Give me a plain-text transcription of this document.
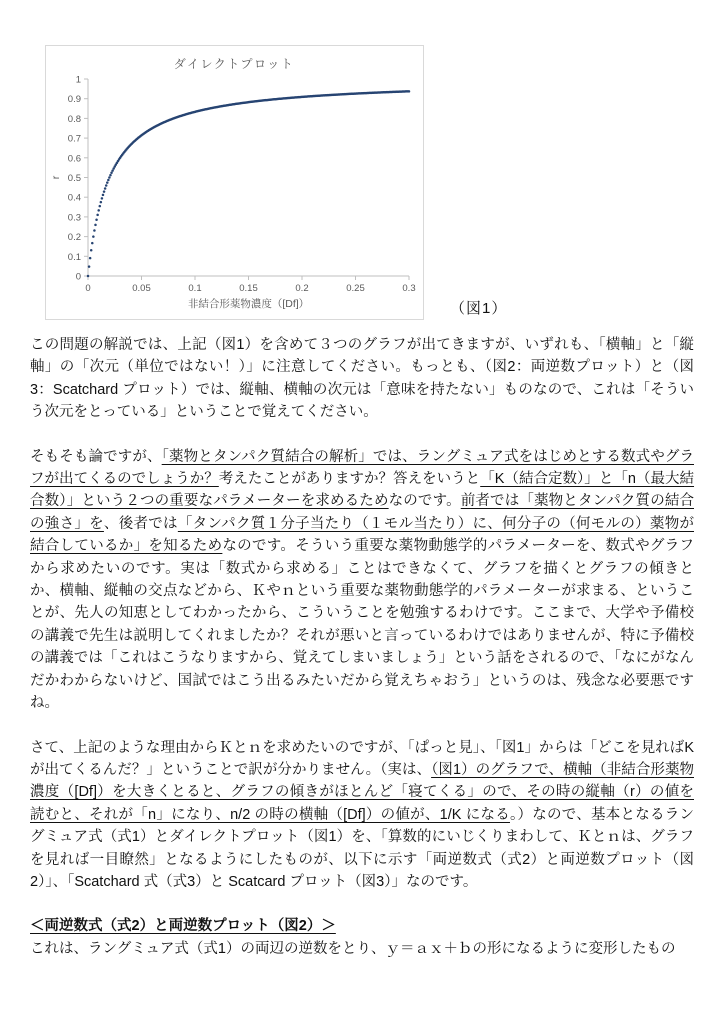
0
0.1
0.2
0.3
0.4
0.5
0.6
0.7
0.8
0.9
1
0	0.05	0.1	0.15	0.2	0.25	0.3
ダイレクトプロット
非結合形薬物濃度（[Df]）
r
（図1）

この問題の解説では、上記（図1）を含めて３つのグラフが出てきますが、いずれも、「横軸」と「縦軸」の「次元（単位ではない！）」に注意してください。もっとも、（図2：両逆数プロット）と（図3：Scatchard プロット）では、縦軸、横軸の次元は「意味を持たない」ものなので、これは「そういう次元をとっている」ということで覚えてください。

そもそも論ですが、「薬物とタンパク質結合の解析」では、ラングミュア式をはじめとする数式やグラフが出てくるのでしょうか？考えたことがありますか？答えをいうと「K（結合定数）」と「n（最大結合数）」という２つの重要なパラメーターを求めるためなのです。前者では「薬物とタンパク質の結合の強さ」を、後者では「タンパク質１分子当たり（１モル当たり）に、何分子の（何モルの）薬物が結合しているか」を知るためなのです。そういう重要な薬物動態学的パラメーターを、数式やグラフから求めたいのです。実は「数式から求める」ことはできなくて、グラフを描くとグラフの傾きとか、横軸、縦軸の交点などから、Ｋやｎという重要な薬物動態学的パラメーターが求まる、ということが、先人の知恵としてわかったから、こういうことを勉強するわけです。ここまで、大学や予備校の講義で先生は説明してくれましたか？それが悪いと言っているわけではありませんが、特に予備校の講義では「これはこうなりますから、覚えてしまいましょう」という話をされるので、「なにがなんだかわからないけど、国試ではこう出るみたいだから覚えちゃおう」というのは、残念な必要悪ですね。

さて、上記のような理由からＫとｎを求めたいのですが、「ぱっと見」、「図1」からは「どこを見ればKが出てくるんだ？」ということで訳が分かりません。（実は、（図1）のグラフで、横軸（非結合形薬物濃度（[Df]）を大きくとると、グラフの傾きがほとんど「寝てくる」ので、その時の縦軸（r）の値を読むと、それが「n」になり、n/2 の時の横軸（[Df]）の値が、1/K になる。）なので、基本となるラングミュア式（式1）とダイレクトプロット（図1）を、「算数的にいじくりまわして、Ｋとｎは、グラフを見れば一目瞭然」となるようにしたものが、以下に示す「両逆数式（式2）と両逆数プロット（図2）」、「Scatchard 式（式3）と Scatcard プロット（図3）」なのです。

＜両逆数式（式2）と両逆数プロット（図2）＞

これは、ラングミュア式（式1）の両辺の逆数をとり、ｙ＝ａｘ＋ｂの形になるように変形したもの
